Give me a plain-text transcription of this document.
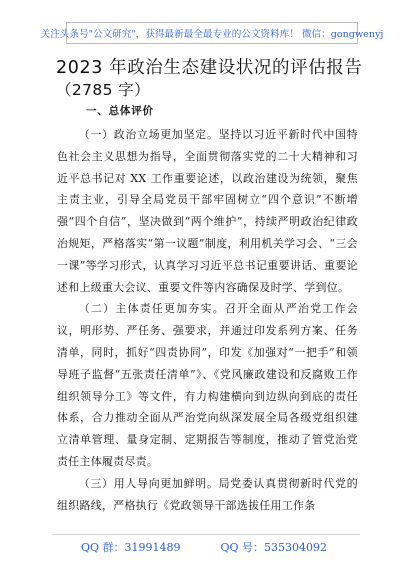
关注头条号"公文研究"，获得最新最全最专业的公文资料库！ 微信：gongwenyj
2023 年政治生态建设状况的评估报告
（2785 字）
一、总体评价

（一）政治立场更加坚定。坚持以习近平新时代中国特色社会主义思想为指导，全面贯彻落实党的二十大精神和习近平总书记对 XX 工作重要论述，以政治建设为统领，聚焦主责主业，引导全局党员干部牢固树立“四个意识”不断增强“四个自信”，坚决做到“两个维护”，持续严明政治纪律政治规矩，严格落实“第一议题”制度，利用机关学习会、“三会一课”等学习形式，认真学习习近平总书记重要讲话、重要论述和上级重大会议、重要文件等内容确保及时学、学到位。

（二）主体责任更加夯实。召开全面从严治党工作会议，明形势、严任务、强要求，并通过印发系列方案、任务清单，同时，抓好“四责协同”，印发《加强对“一把手”和领导班子监督“五张责任清单”》、《党风廉政建设和反腐败工作组织领导分工》等文件，有力构建横向到边纵向到底的责任体系，合力推动全面从严治党向纵深发展全局各级党组织建立清单管理、量身定制、定期报告等制度，推动了管党治党责任主体履责尽责。

（三）用人导向更加鲜明。局党委认真贯彻新时代党的组织路线，严格执行《党政领导干部选拔任用工作条

QQ 群：31991489	QQ 号：535304092
